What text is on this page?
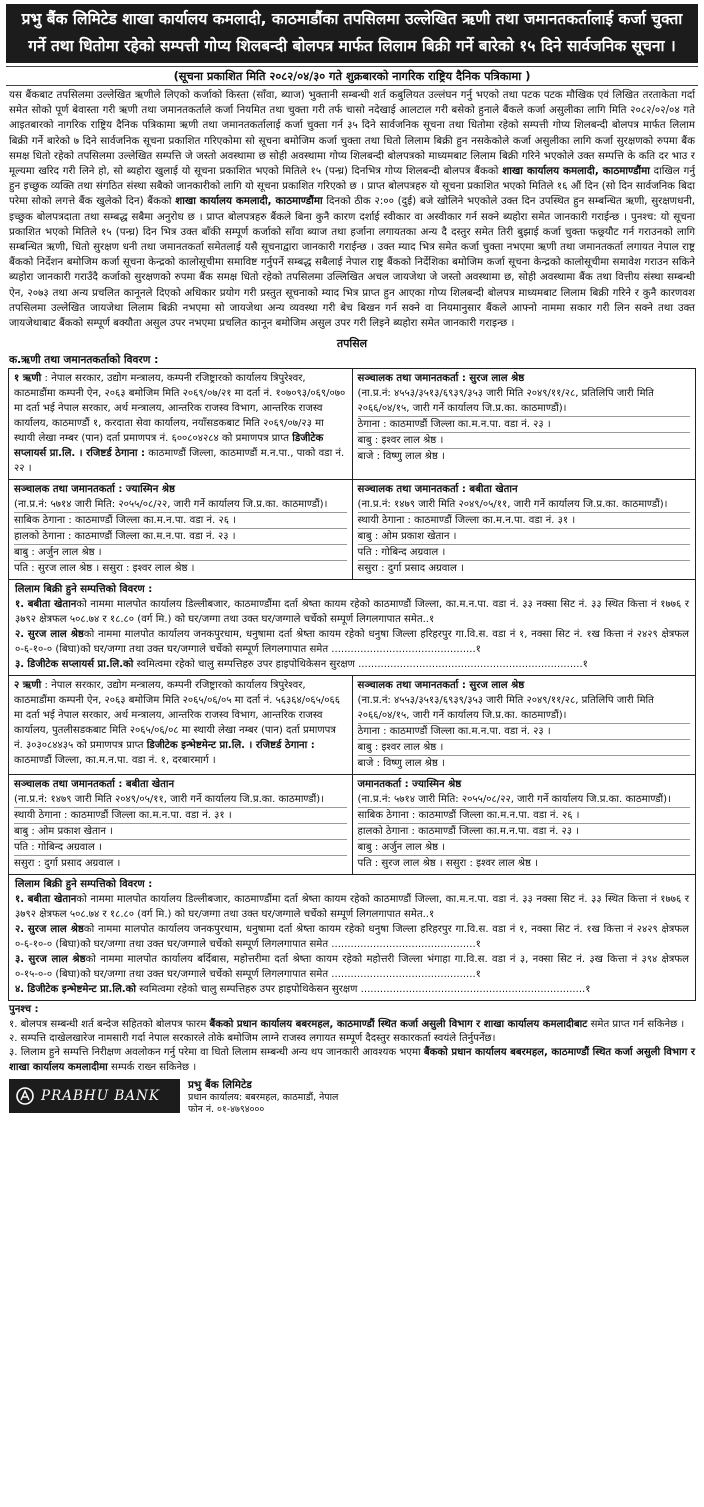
प्रभु बैंक लिमिटेड शाखा कार्यालय कमलादी, काठमाडौंका तपसिलमा उल्लेखित ऋणी तथा जमानतकर्तालाई कर्जा चुक्ता गर्ने तथा धितोमा रहेको सम्पत्ती गोप्य शिलबन्दी बोलपत्र मार्फत लिलाम बिक्री गर्ने बारेको १५ दिने सार्वजनिक सूचना ।
(सूचना प्रकाशित मिति २०८२/०४/३० गते शुक्रबारको नागरिक राष्ट्रिय दैनिक पत्रिकामा )
यस बैंकबाट तपसिलमा उल्लेखित ऋणीले लिएको कर्जाको किस्ता (साँवा, ब्याज) भुक्तानी सम्बन्धी शर्त कबुलियत उल्लंघन गर्नु भएको तथा पटक पटक मौखिक एवं लिखित तरताकेता गर्दा समेत सोको पूर्ण बेवास्ता गरी ऋणी तथा जमानतकर्ताले कर्जा नियमित तथा चुक्ता गरी तर्फ चासो नदेखाई आलटाल गरी बसेको हुनाले बैंकले कर्जा असुलीका लागि मिति २०८२/०२/०४ गते आइतबारको नागरिक राष्ट्रिय दैनिक पत्रिकामा ऋणी तथा जमानतकर्तालाई कर्जा चुक्ता गर्न ३५ दिने सार्वजनिक सूचना तथा धितोमा रहेको सम्पत्ती गोप्य शिलबन्दी बोलपत्र मार्फत लिलाम बिक्री गर्ने बारेको ७ दिने सार्वजनिक सूचना प्रकाशित गरिएकोमा सो सूचना बमोजिम कर्जा चुक्ता तथा धितो लिलाम बिक्री हुन नसकेकोले कर्जा असुलीका लागि कर्जा सुरक्षणको रुपमा बैंक समक्ष धितो रहेको तपसिलमा उल्लेखित सम्पत्ति जे जस्तो अवस्थामा छ सोही अवस्थामा गोप्य शिलबन्दी बोलपत्रको माध्यमबाट लिलाम बिक्री गरिने भएकोले उक्त सम्पत्ति के कति दर भाउ र मूल्यमा खरिद गरी लिने हो, सो ब्यहोरा खुलाई यो सूचना प्रकाशित भएको मितिले १५ (पन्ध्र) दिनभित्र गोप्य शिलबन्दी बोलपत्र बैंकको शाखा कार्यालय कमलादी, काठमाण्डौंमा दाखिल गर्नु हुन इच्छुक व्यक्ति तथा संगठित संस्था सबैको जानकारीको लागि यो सूचना प्रकाशित गरिएको छ । प्राप्त बोलपत्रहरु यो सूचना प्रकाशित भएको मितिले १६ औं दिन (सो दिन सार्वजनिक बिदा परेमा सोको लगत्ते बैंक खुलेको दिन) बैंकको शाखा कार्यालय कमलादी, काठमाण्डौंमा दिनको ठीक २:०० (दुई) बजे खोलिने भएकोले उक्त दिन उपस्थित हुन सम्बन्धित ऋणी, सुरक्षणधनी, इच्छुक बोलपत्रदाता तथा सम्बद्ध सबैमा अनुरोध छ । प्राप्त बोलपत्रहरु बैंकले बिना कुनै कारण दर्शाई स्वीकार वा अस्वीकार गर्न सक्ने ब्यहोरा समेत जानकारी गराईन्छ । पुनश्च: यो सूचना प्रकाशित भएको मितिले १५ (पन्ध्र) दिन भित्र उक्त बाँकी सम्पूर्ण कर्जाको साँवा ब्याज तथा हर्जाना लगायतका अन्य दै दस्तुर समेत तिरी बुझाई कर्जा चुक्ता फछ्र्यौट गर्न गराउनको लागि सम्बन्धित ऋणी, धितो सुरक्षण धनी तथा जमानतकर्ता समेतलाई यसै सूचनाद्वारा जानकारी गराईन्छ । उक्त म्याद भित्र समेत कर्जा चुक्ता नभएमा ऋणी तथा जमानतकर्ता लगायत नेपाल राष्ट्र बैंकको निर्देशन बमोजिम कर्जा सूचना केन्द्रको कालोसूचीमा समाविष्ट गर्नुपर्ने सम्बद्ध सबैलाई नेपाल राष्ट्र बैंकको निर्देशिका बमोजिम कर्जा सूचना केन्द्रको कालोसूचीमा समावेश गराउन सकिने ब्यहोरा जानकारी गराउँदै कर्जाको सुरक्षणको रुपमा बैंक समक्ष धितो रहेको तपसिलमा उल्लिखित अचल जायजेथा जे जस्तो अवस्थामा छ, सोही अवस्थामा बैंक तथा वित्तीय संस्था सम्बन्धी ऐन, २०७३ तथा अन्य प्रचलित कानूनले दिएको अधिकार प्रयोग गरी प्रस्तुत सूचनाको म्याद भित्र प्राप्त हुन आएका गोप्य शिलबन्दी बोलपत्र माध्यमबाट लिलाम बिक्री गरिने र कुनै कारणवश तपसिलमा उल्लेखित जायजेथा लिलाम बिक्री नभएमा सो जायजेथा अन्य व्यवस्था गरी बेच बिखन गर्न सक्ने वा नियमानुसार बैंकले आफ्नो नाममा सकार गरी लिन सक्ने तथा उक्त जायजेथाबाट बैंकको सम्पूर्ण बक्यौता असुल उपर नभएमा प्रचलित कानून बमोजिम असुल उपर गरी लिइने ब्यहोरा समेत जानकारी गराइन्छ ।
तपसिल
क.ऋणी तथा जमानतकर्ताको विवरण :

१ ऋणी : नेपाल सरकार, उद्योग मन्त्रालय, कम्पनी रजिष्ट्रारको कार्यालय त्रिपुरेश्वर, काठमाडौंमा कम्पनी ऐन, २०६३ बमोजिम मिति २०६९/०७/२१ मा दर्ता नं. १०७०९३/०६९/०७० मा दर्ता भई नेपाल सरकार, अर्थ मन्त्रालय, आन्तरिक राजस्व विभाग, आन्तरिक राजस्व कार्यालय, काठमाण्डौं १, करदाता सेवा कार्यालय, नयाँसडकबाट मिति २०६९/०७/२३ मा स्थायी लेखा नम्बर (पान) दर्ता प्रमाणपत्र नं. ६००८०४२८४ को प्रमाणपत्र प्राप्त डिजीटेक सप्लायर्स प्रा.लि. । रजिष्टर्ड ठेगाना : काठमाण्डौं जिल्ला, काठमाण्डौं म.न.पा., पाको वडा नं. २२ ।

सञ्चालक तथा जमानतकर्ता : सुरज लाल श्रेष्ठ

(ना.प्र.नं: ४५५३/३५१३/६९३९/३५३ जारी मिति २०४९/११/२८, प्रतिलिपि जारी मिति २०६६/०४/१५, जारी गर्ने कार्यालय जि.प्र.का. काठमाण्डौं)।

ठेगाना : काठमाण्डौं जिल्ला का.म.न.पा. वडा नं. २३ ।

बाबु : इश्वर लाल श्रेष्ठ ।

बाजे : विष्णु लाल श्रेष्ठ ।

सञ्चालक तथा जमानतकर्ता : ज्यास्मिन श्रेष्ठ

(ना.प्र.नं: ५७१४ जारी मिति: २०५५/०८/२२, जारी गर्ने कार्यालय जि.प्र.का. काठमाण्डौं)।

साबिक ठेगाना : काठमाण्डौं जिल्ला का.म.न.पा. वडा नं. २६ ।

हालको ठेगाना : काठमाण्डौं जिल्ला का.म.न.पा. वडा नं. २३ ।

बाबु : अर्जुन लाल श्रेष्ठ ।

पति : सुरज लाल श्रेष्ठ । ससुरा : इश्वर लाल श्रेष्ठ ।

सञ्चालक तथा जमानतकर्ता : बबीता खेतान

(ना.प्र.नं: १४७९ जारी मिति २०४९/०५/११, जारी गर्ने कार्यालय जि.प्र.का. काठमाण्डौं)।

स्थायी ठेगाना : काठमाण्डौं जिल्ला का.म.न.पा. वडा नं. ३१ ।

बाबु : ओम प्रकाश खेतान ।

पति : गोबिन्द अग्रवाल ।

ससुरा : दुर्गा प्रसाद अग्रवाल ।

लिलाम बिक्री हुने सम्पत्तिको विवरण :

१. बबीता खेतानको नाममा मालपोत कार्यालय डिल्लीबजार, काठमाण्डौंमा दर्ता श्रेष्ता कायम रहेको काठमाण्डौं जिल्ला, का.म.न.पा. वडा नं. ३३ नक्सा सिट नं. ३३ स्थित कित्ता नं १७७६ र ३७९२ क्षेत्रफल ५०८.७४ र १८.८० (वर्ग मि.) को घर/जग्गा तथा उक्त घर/जग्गाले चर्चेको सम्पूर्ण लिगलगापात समेत..१

२. सुरज लाल श्रेष्ठको नाममा मालपोत कार्यालय जनकपुरधाम, धनुषामा दर्ता श्रेष्ता कायम रहेको धनुषा जिल्ला हरिहरपुर गा.वि.स. वडा नं १, नक्सा सिट नं. १ख कित्ता नं २४२९ क्षेत्रफल ०-६-१०-० (बिघा)को घर/जग्गा तथा उक्त घर/जग्गाले चर्चेको सम्पूर्ण लिगलगापात समेत .............................................१

३. डिजीटेक सप्लायर्स प्रा.लि.को स्वमित्वमा रहेको चालु सम्पत्तिहरु उपर हाइपोथिकेसन सुरक्षण ......................................................................१

२ ऋणी : नेपाल सरकार, उद्योग मन्त्रालय, कम्पनी रजिष्ट्रारको कार्यालय त्रिपुरेश्वर, काठमाडौंमा कम्पनी ऐन, २०६३ बमोजिम मिति २०६५/०६/०५ मा दर्ता नं. ५६३६४/०६५/०६६ मा दर्ता भई नेपाल सरकार, अर्थ मन्त्रालय, आन्तरिक राजस्व विभाग, आन्तरिक राजस्व कार्यालय, पुतलीसडकबाट मिति २०६५/०६/०८ मा स्थायी लेखा नम्बर (पान) दर्ता प्रमाणपत्र नं. ३०३०८४४३५ को प्रमाणपत्र प्राप्त डिजीटेक इन्भेष्टमेन्ट प्रा.लि. । रजिष्टर्ड ठेगाना : काठमाण्डौं जिल्ला, का.म.न.पा. वडा नं. १, दरबारमार्ग ।

सञ्चालक तथा जमानतकर्ता : सुरज लाल श्रेष्ठ

(ना.प्र.नं: ४५५३/३५१३/६९३९/३५३ जारी मिति २०४९/११/२८, प्रतिलिपि जारी मिति २०६६/०४/१५, जारी गर्ने कार्यालय जि.प्र.का. काठमाण्डौं)।

ठेगाना : काठमाण्डौं जिल्ला का.म.न.पा. वडा नं. २३ ।

बाबु : इश्वर लाल श्रेष्ठ ।

बाजे : विष्णु लाल श्रेष्ठ ।

सञ्चालक तथा जमानतकर्ता : बबीता खेतान

(ना.प्र.नं: १४७९ जारी मिति २०४९/०५/११, जारी गर्ने कार्यालय जि.प्र.का. काठमाण्डौं)।

स्थायी ठेगाना : काठमाण्डौं जिल्ला का.म.न.पा. वडा नं. ३१ ।

बाबु : ओम प्रकाश खेतान ।

पति : गोबिन्द अग्रवाल ।

ससुरा : दुर्गा प्रसाद अग्रवाल ।

जमानतकर्ता : ज्यास्मिन श्रेष्ठ

(ना.प्र.नं: ५७१४ जारी मिति: २०५५/०८/२२, जारी गर्ने कार्यालय जि.प्र.का. काठमाण्डौं)।

साबिक ठेगाना : काठमाण्डौं जिल्ला का.म.न.पा. वडा नं. २६ ।

हालको ठेगाना : काठमाण्डौं जिल्ला का.म.न.पा. वडा नं. २३ ।

बाबु : अर्जुन लाल श्रेष्ठ ।

पति : सुरज लाल श्रेष्ठ । ससुरा : इश्वर लाल श्रेष्ठ ।

लिलाम बिक्री हुने सम्पत्तिको विवरण :

१. बबीता खेतानको नाममा मालपोत कार्यालय डिल्लीबजार, काठमाण्डौंमा दर्ता श्रेष्ता कायम रहेको काठमाण्डौं जिल्ला, का.म.न.पा. वडा नं. ३३ नक्सा सिट नं. ३३ स्थित कित्ता नं १७७६ र ३७९२ क्षेत्रफल ५०८.७४ र १८.८० (वर्ग मि.) को घर/जग्गा तथा उक्त घर/जग्गाले चर्चेको सम्पूर्ण लिगलगापात समेत..१

२. सुरज लाल श्रेष्ठको नाममा मालपोत कार्यालय जनकपुरधाम, धनुषामा दर्ता श्रेष्ता कायम रहेको धनुषा जिल्ला हरिहरपुर गा.वि.स. वडा नं १, नक्सा सिट नं. १ख कित्ता नं २४२९ क्षेत्रफल ०-६-१०-० (बिघा)को घर/जग्गा तथा उक्त घर/जग्गाले चर्चेको सम्पूर्ण लिगलगापात समेत .............................................१

३. सुरज लाल श्रेष्ठको नाममा मालपोत कार्यालय बर्दिबास, महोत्तरीमा दर्ता श्रेष्ता कायम रहेको महोत्तरी जिल्ला भंगाहा गा.वि.स. वडा नं ३, नक्सा सिट नं. ३ख कित्ता नं ३९४ क्षेत्रफल ०-१५-०-० (बिघा)को घर/जग्गा तथा उक्त घर/जग्गाले चर्चेको सम्पूर्ण लिगलगापात समेत .............................................१

४. डिजीटेक इन्भेष्टमेन्ट प्रा.लि.को स्वमित्वमा रहेको चालु सम्पत्तिहरु उपर हाइपोथिकेसन सुरक्षण ......................................................................१

पुनश्च :

१. बोलपत्र सम्बन्धी शर्त बन्देज सहितको बोलपत्र फारम बैंकको प्रधान कार्यालय बबरमहल, काठमाण्डौं स्थित कर्जा असुली विभाग र शाखा कार्यालय कमलादीबाट समेत प्राप्त गर्न सकिनेछ ।

२. सम्पत्ति दाखेलखारेज नामसारी गर्दा नेपाल सरकारले तोके बमोजिम लाग्ने राजस्व लगायत सम्पूर्ण दैदस्तुर सकारकर्ता स्वयंले तिर्नुपर्नेछ।

३. लिलाम हुने सम्पत्ति निरीक्षण अवलोकन गर्नु परेमा वा धितो लिलाम सम्बन्धी अन्य थप जानकारी आवश्यक भएमा बैंकको प्रधान कार्यालय बबरमहल, काठमाण्डौं स्थित कर्जा असुली विभाग र शाखा कार्यालय कमलादीमा सम्पर्क राख्न सकिनेछ ।

PRABHU BANK
प्रभु बैंक लिमिटेड
प्रधान कार्यालय: बबरमहल, काठमाडौं, नेपाल
फोन नं. ०१-४७९४०००
